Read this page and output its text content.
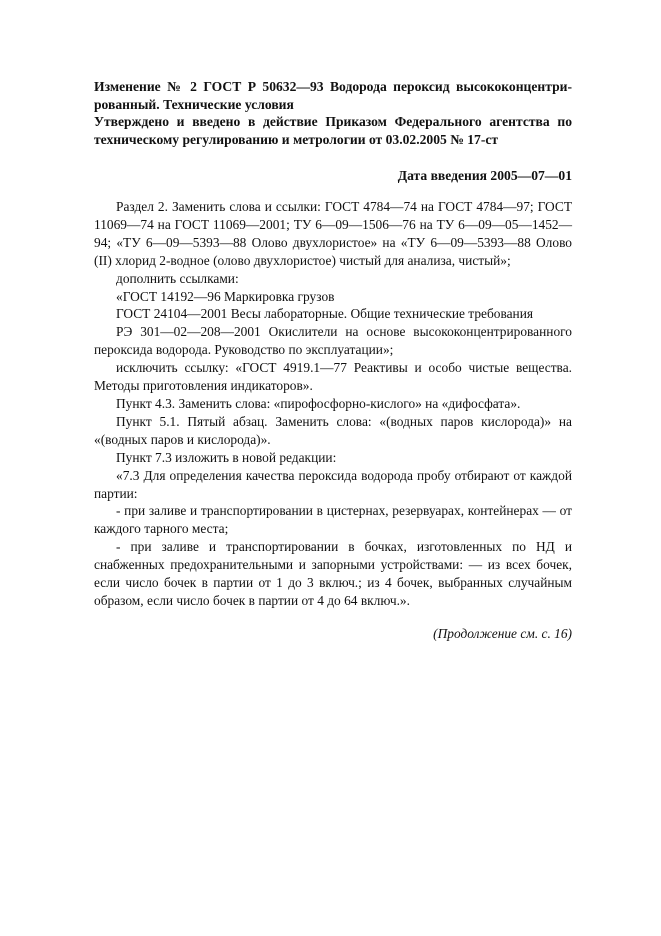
Изменение № 2 ГОСТ Р 50632—93 Водорода пероксид высококонцентрированный. Технические условия

Утверждено и введено в действие Приказом Федерального агентства по техническому регулированию и метрологии от 03.02.2005 № 17-ст

Дата введения 2005—07—01

Раздел 2. Заменить слова и ссылки: ГОСТ 4784—74 на ГОСТ 4784—97; ГОСТ 11069—74 на ГОСТ 11069—2001; ТУ 6—09—1506—76 на ТУ 6—09—05—1452—94; «ТУ 6—09—5393—88 Олово двухлористое» на «ТУ 6—09—5393—88 Олово (II) хлорид 2-водное (олово двухлористое) чистый для анализа, чистый»;

дополнить ссылками:

«ГОСТ 14192—96 Маркировка грузов

ГОСТ 24104—2001 Весы лабораторные. Общие технические требования

РЭ 301—02—208—2001 Окислители на основе высококонцентрированного пероксида водорода. Руководство по эксплуатации»;

исключить ссылку: «ГОСТ 4919.1—77 Реактивы и особо чистые вещества. Методы приготовления индикаторов».

Пункт 4.3. Заменить слова: «пирофосфорно-кислого» на «дифосфата».

Пункт 5.1. Пятый абзац. Заменить слова: «(водных паров кислорода)» на «(водных паров и кислорода)».

Пункт 7.3 изложить в новой редакции:

«7.3 Для определения качества пероксида водорода пробу отбирают от каждой партии:

- при заливе и транспортировании в цистернах, резервуарах, контейнерах — от каждого тарного места;

- при заливе и транспортировании в бочках, изготовленных по НД и снабженных предохранительными и запорными устройствами: — из всех бочек, если число бочек в партии от 1 до 3 включ.; из 4 бочек, выбранных случайным образом, если число бочек в партии от 4 до 64 включ.».

(Продолжение см. с. 16)
